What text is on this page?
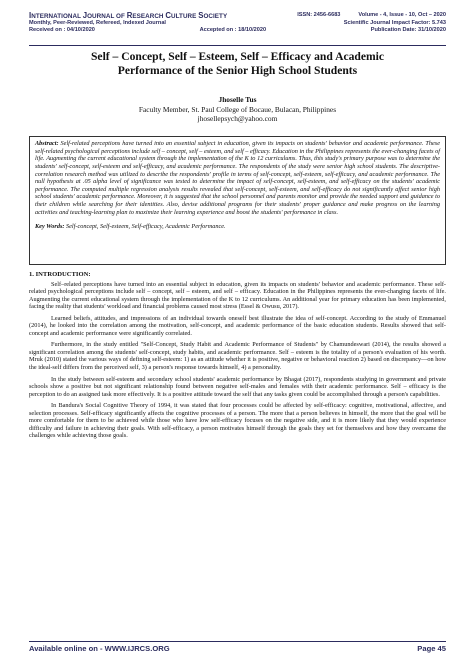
INTERNATIONAL JOURNAL OF RESEARCH CULTURE SOCIETY	ISSN: 2456-6683	Volume - 4, Issue - 10, Oct – 2020
Monthly, Peer-Reviewed, Refereed, Indexed Journal	Scientific Journal Impact Factor: 5.743
Received on : 04/10/2020	Accepted on : 18/10/2020	Publication Date: 31/10/2020
Self – Concept, Self – Esteem, Self – Efficacy and Academic
Performance of the Senior High School Students
Jhoselle Tus
Faculty Member, St. Paul College of Bocaue, Bulacan, Philippines
jhosellepsych@yahoo.com
Abstract: Self-related perceptions have turned into an essential subject in education, given its impacts on students' behavior and academic performance. These self-related psychological perceptions include self – concept, self – esteem, and self – efficacy. Education in the Philippines represents the ever-changing facets of life. Augmenting the current educational system through the implementation of the K to 12 curriculums. Thus, this study's primary purpose was to determine the students' self-concept, self-esteem and self-efficacy, and academic performance. The respondents of the study were senior high school students. The descriptive-correlation research method was utilized to describe the respondents' profile in terms of self-concept, self-esteem, self-efficacy, and academic performance. The null hypothesis at .05 alpha level of significance was tested to determine the impact of self-concept, self-esteem, and self-efficacy on the students' academic performance. The computed multiple regression analysis results revealed that self-concept, self-esteem, and self-efficacy do not significantly affect senior high school students' academic performance. Moreover, it is suggested that the school personnel and parents monitor and provide the needed support and guidance to their children while searching for their identities. Also, devise additional programs for their students' proper guidance and make progress on the learning activities and teaching-learning plan to maximize their learning experience and boost the students' performance in class.
Key Words: Self-concept, Self-esteem, Self-efficacy, Academic Performance.
1. INTRODUCTION:

Self–related perceptions have turned into an essential subject in education, given its impacts on students' behavior and academic performance. These self-related psychological perceptions include self – concept, self – esteem, and self – efficacy. Education in the Philippines represents the ever-changing facets of life. Augmenting the current educational system through the implementation of the K to 12 curriculums. An additional year for primary education has been implemented, facing the reality that students' workload and financial problems caused most stress (Essel & Owusu, 2017).

Learned beliefs, attitudes, and impressions of an individual towards oneself best illustrate the idea of self-concept. According to the study of Emmanuel (2014), he looked into the correlation among the motivation, self-concept, and academic performance of the basic education students. Results showed that self-concept and academic performance were significantly correlated.

Furthermore, in the study entitled "Self-Concept, Study Habit and Academic Performance of Students" by Chamundeswari (2014), the results showed a significant correlation among the students' self-concept, study habits, and academic performance. Self – esteem is the totality of a person's evaluation of his worth. Mruk (2010) stated the various ways of defining self-esteem: 1) as an attitude whether it is positive, negative or behavioral reaction 2) based on discrepancy—on how the ideal-self differs from the perceived self, 3) a person's response towards himself, 4) a personality.

In the study between self-esteem and secondary school students' academic performance by Bhagat (2017), respondents studying in government and private schools show a positive but not significant relationship found between negative self-males and females with their academic performance. Self – efficacy is the perception to do an assigned task more effectively. It is a positive attitude toward the self that any tasks given could be accomplished through a person's capabilities.

In Bandura's Social Cognitive Theory of 1994, it was stated that four processes could be affected by self-efficacy: cognitive, motivational, affective, and selection processes. Self-efficacy significantly affects the cognitive processes of a person. The more that a person believes in himself, the more that the goal will be more comfortable for them to be achieved while those who have low self-efficacy focuses on the negative side, and it is more likely that they would experience difficulty and failure in achieving their goals. With self-efficacy, a person motivates himself through the goals they set for themselves and how they overcame the challenges while achieving those goals.

Available online on - WWW.IJRCS.ORG	Page 45
